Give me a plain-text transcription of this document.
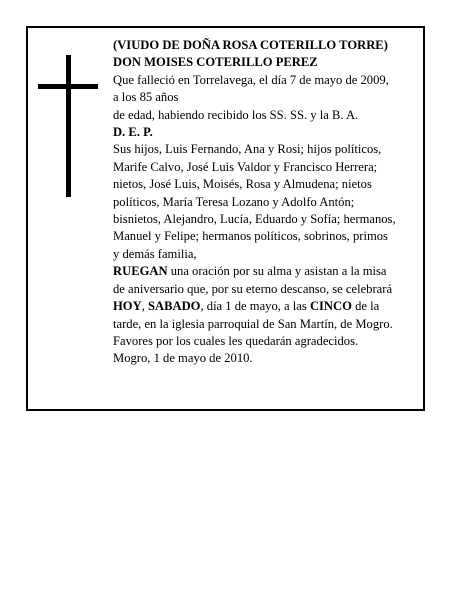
(VIUDO DE DOÑA ROSA COTERILLO TORRE)
DON MOISES COTERILLO PEREZ
Que falleció en Torrelavega, el día 7 de mayo de 2009,
a los 85 años
de edad, habiendo recibido los SS. SS. y la B. A.
D. E. P.
Sus hijos, Luis Fernando, Ana y Rosi; hijos políticos,
Marife Calvo, José Luis Valdor y Francisco Herrera;
nietos, José Luis, Moisés, Rosa y Almudena; nietos
políticos, María Teresa Lozano y Adolfo Antón;
bisnietos, Alejandro, Lucía, Eduardo y Sofía; hermanos,
Manuel y Felipe; hermanos políticos, sobrinos, primos
y demás familia,
RUEGAN una oración por su alma y asistan a la misa
de aniversario que, por su eterno descanso, se celebrará
HOY, SABADO, día 1 de mayo, a las CINCO de la
tarde, en la iglesia parroquial de San Martín, de Mogro.
Favores por los cuales les quedarán agradecidos.
Mogro, 1 de mayo de 2010.
